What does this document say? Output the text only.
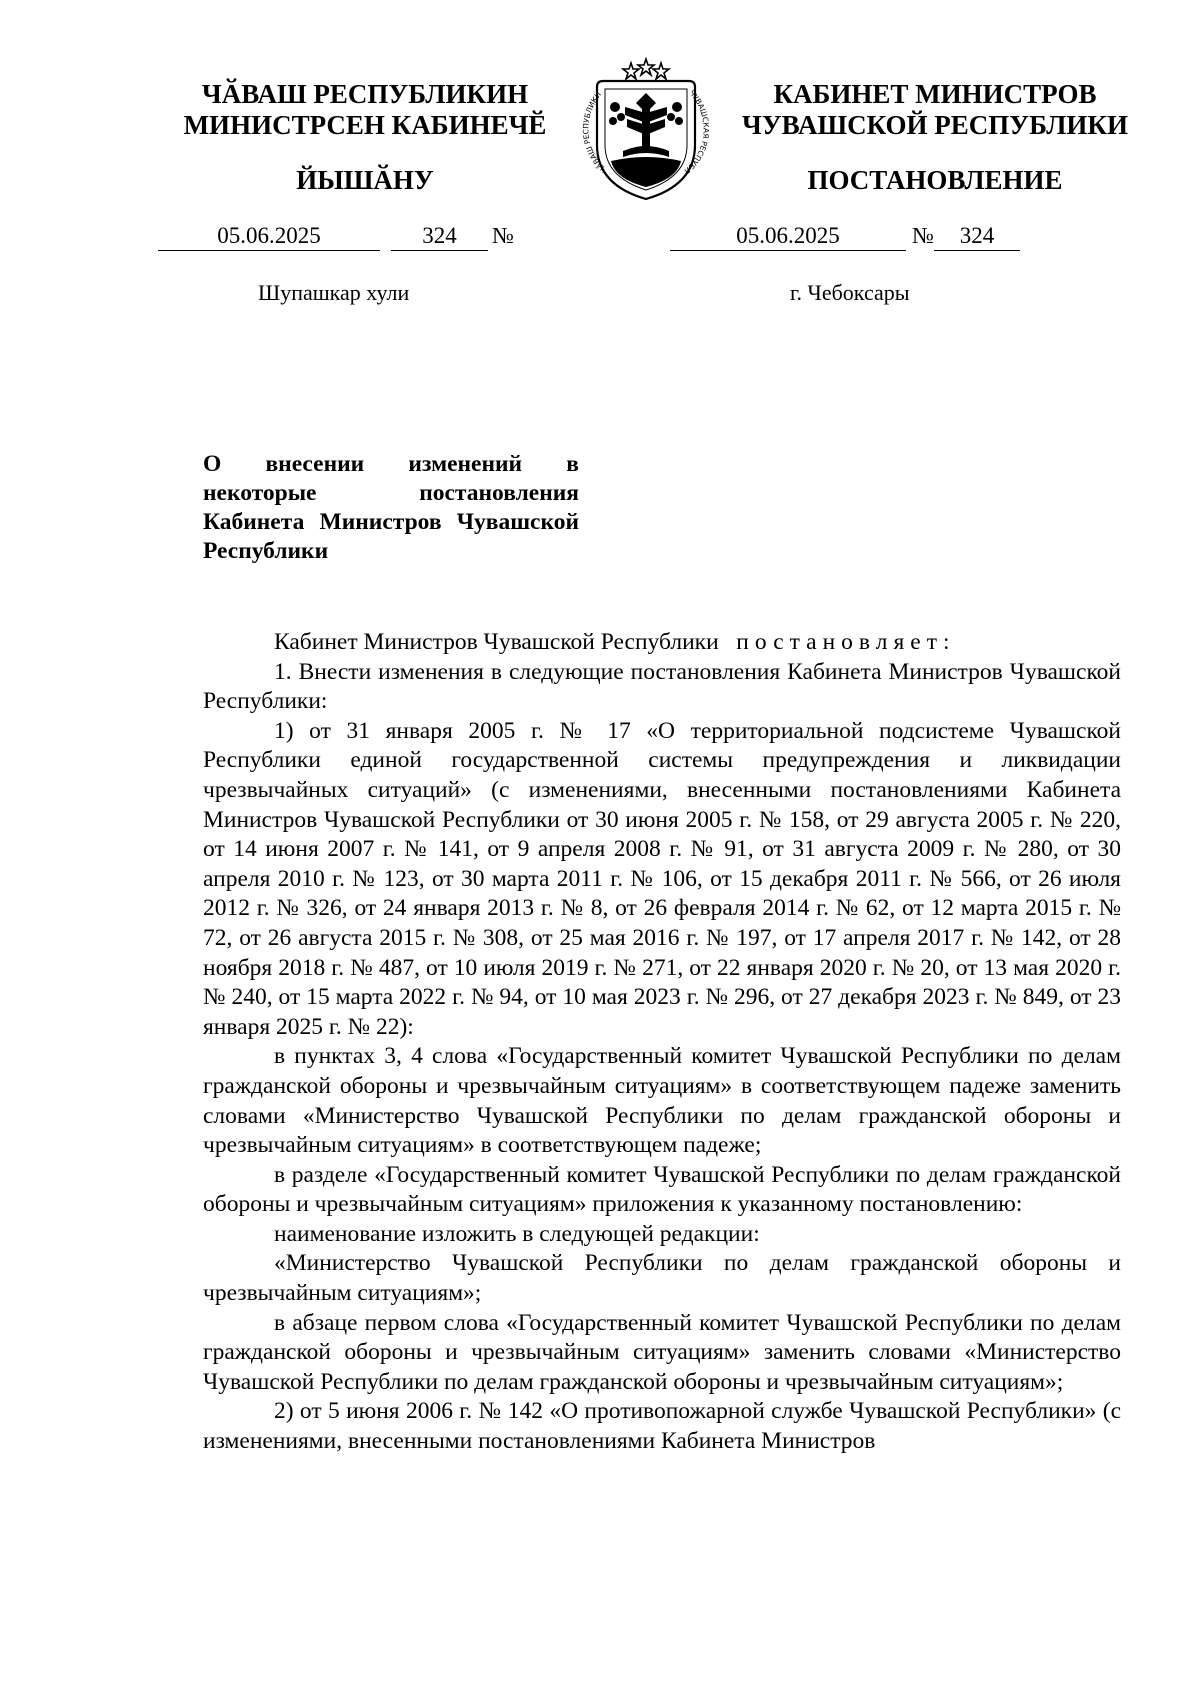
ЧӐВАШ РЕСПУБЛИКИН
МИНИСТРСЕН КАБИНЕЧӖ
ЙЫШӐНУ	ЧӐВАШ РЕСПУБЛИКИ	ЧУВАШСКАЯ РЕСПУБЛ
КАБИНЕТ МИНИСТРОВ
ЧУВАШСКОЙ РЕСПУБЛИКИ
ПОСТАНОВЛЕНИЕ
05.06.2025	324	№	05.06.2025	№	324
Шупашкар хули	г. Чебоксары
О внесении изменений в некоторые постановления Кабинета Министров Чувашской Республики

Кабинет Министров Чувашской Республики постановляет:

1. Внести изменения в следующие постановления Кабинета Министров Чувашской Республики:

1) от 31 января 2005 г. № 17 «О территориальной подсистеме Чувашской Республики единой государственной системы предупреждения и ликвидации чрезвычайных ситуаций» (с изменениями, внесенными постановлениями Кабинета Министров Чувашской Республики от 30 июня 2005 г. № 158, от 29 августа 2005 г. № 220, от 14 июня 2007 г. № 141, от 9 апреля 2008 г. № 91, от 31 августа 2009 г. № 280, от 30 апреля 2010 г. № 123, от 30 марта 2011 г. № 106, от 15 декабря 2011 г. № 566, от 26 июля 2012 г. № 326, от 24 января 2013 г. № 8, от 26 февраля 2014 г. № 62, от 12 марта 2015 г. № 72, от 26 августа 2015 г. № 308, от 25 мая 2016 г. № 197, от 17 апреля 2017 г. № 142, от 28 ноября 2018 г. № 487, от 10 июля 2019 г. № 271, от 22 января 2020 г. № 20, от 13 мая 2020 г. № 240, от 15 марта 2022 г. № 94, от 10 мая 2023 г. № 296, от 27 декабря 2023 г. № 849, от 23 января 2025 г. № 22):

в пунктах 3, 4 слова «Государственный комитет Чувашской Республики по делам гражданской обороны и чрезвычайным ситуациям» в соответствующем падеже заменить словами «Министерство Чувашской Республики по делам гражданской обороны и чрезвычайным ситуациям» в соответствующем падеже;

в разделе «Государственный комитет Чувашской Республики по делам гражданской обороны и чрезвычайным ситуациям» приложения к указанному постановлению:

наименование изложить в следующей редакции:

«Министерство Чувашской Республики по делам гражданской обороны и чрезвычайным ситуациям»;

в абзаце первом слова «Государственный комитет Чувашской Республики по делам гражданской обороны и чрезвычайным ситуациям» заменить словами «Министерство Чувашской Республики по делам гражданской обороны и чрезвычайным ситуациям»;

2) от 5 июня 2006 г. № 142 «О противопожарной службе Чувашской Республики» (с изменениями, внесенными постановлениями Кабинета Министров
